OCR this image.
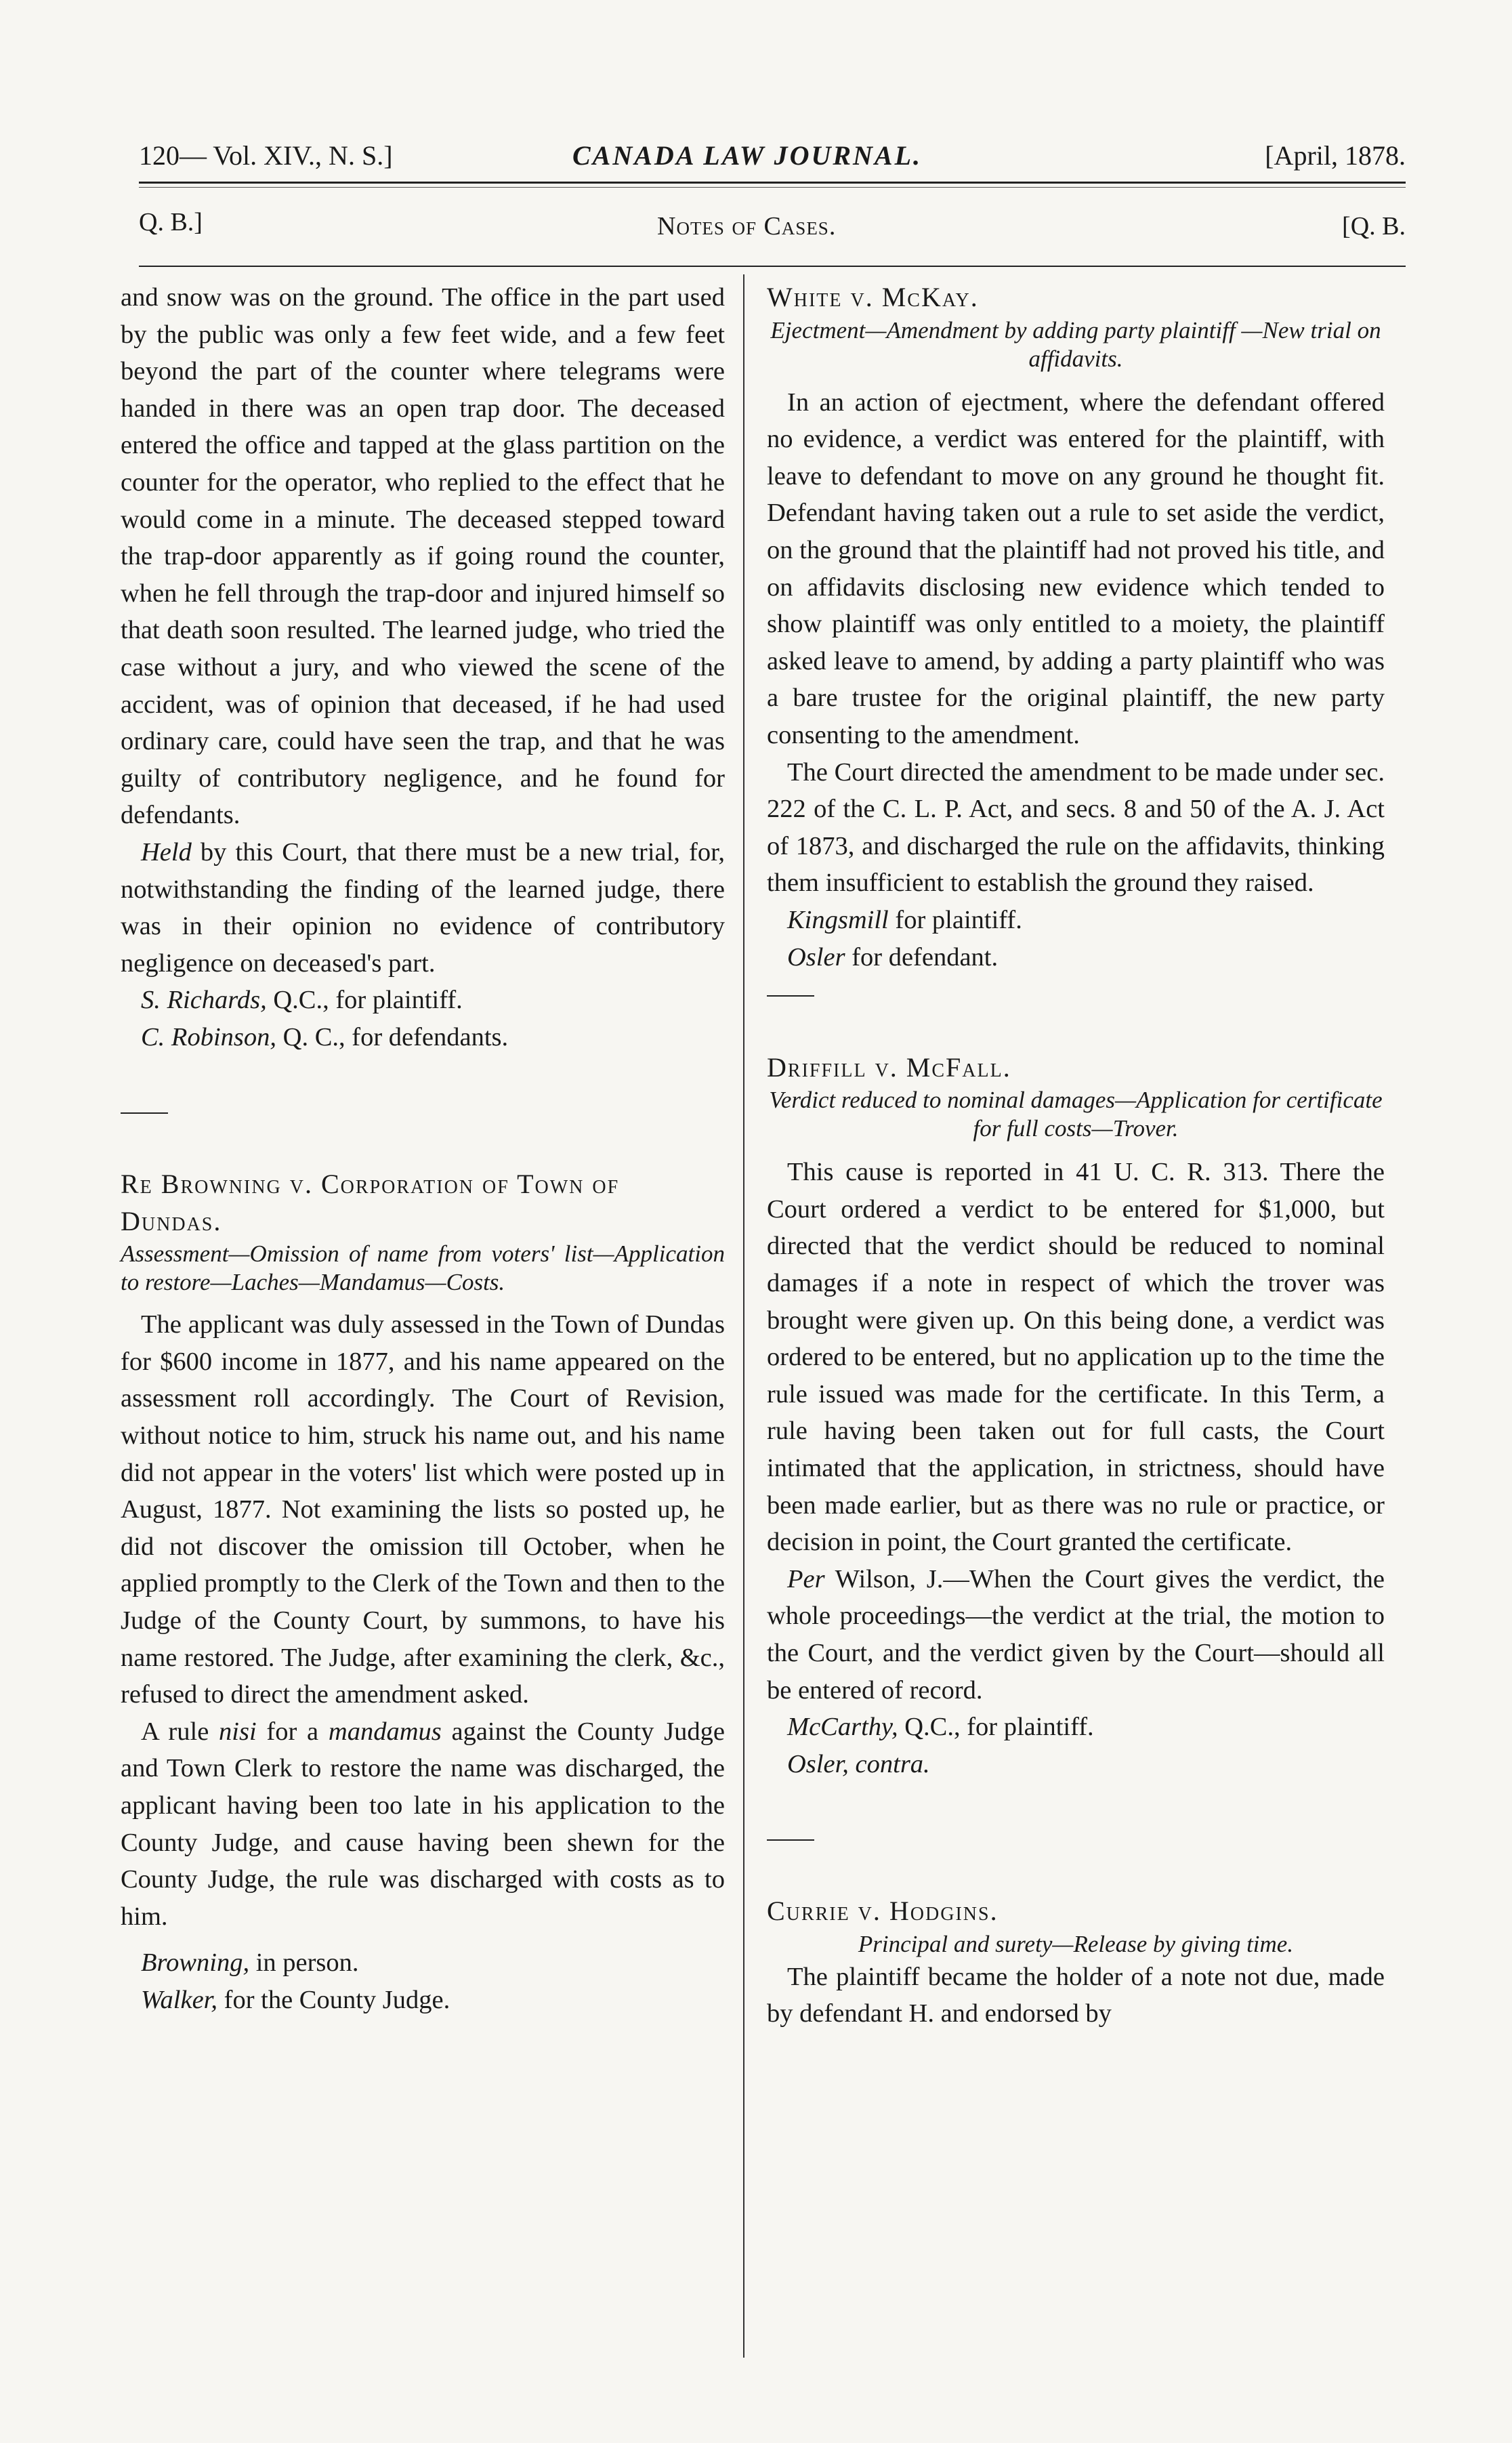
120— Vol. XIV., N. S.]	CANADA LAW JOURNAL.	[April, 1878.
Q. B.]	Notes of Cases.	[Q. B.

and snow was on the ground. The office in the part used by the public was only a few feet wide, and a few feet beyond the part of the counter where telegrams were handed in there was an open trap door. The deceased entered the office and tapped at the glass partition on the counter for the operator, who replied to the effect that he would come in a minute. The deceased stepped toward the trap-door apparently as if going round the counter, when he fell through the trap-door and injured himself so that death soon resulted. The learned judge, who tried the case without a jury, and who viewed the scene of the accident, was of opinion that deceased, if he had used ordinary care, could have seen the trap, and that he was guilty of contributory negligence, and he found for defendants.

Held by this Court, that there must be a new trial, for, notwithstanding the finding of the learned judge, there was in their opinion no evidence of contributory negligence on deceased's part.

S. Richards, Q.C., for plaintiff.

C. Robinson, Q. C., for defendants.

Re Browning v. Corporation of Town of

Dundas.

Assessment—Omission of name from voters' list—Application to restore—Laches—Mandamus—Costs.

The applicant was duly assessed in the Town of Dundas for $600 income in 1877, and his name appeared on the assessment roll accordingly. The Court of Revision, without notice to him, struck his name out, and his name did not appear in the voters' list which were posted up in August, 1877. Not examining the lists so posted up, he did not discover the omission till October, when he applied promptly to the Clerk of the Town and then to the Judge of the County Court, by summons, to have his name restored. The Judge, after examining the clerk, &c., refused to direct the amendment asked.

A rule nisi for a mandamus against the County Judge and Town Clerk to restore the name was discharged, the applicant having been too late in his application to the County Judge, and cause having been shewn for the County Judge, the rule was discharged with costs as to him.

Browning, in person.

Walker, for the County Judge.

White v. McKay.

Ejectment—Amendment by adding party plaintiff —New trial on affidavits.

In an action of ejectment, where the defendant offered no evidence, a verdict was entered for the plaintiff, with leave to defendant to move on any ground he thought fit. Defendant having taken out a rule to set aside the verdict, on the ground that the plaintiff had not proved his title, and on affidavits disclosing new evidence which tended to show plaintiff was only entitled to a moiety, the plaintiff asked leave to amend, by adding a party plaintiff who was a bare trustee for the original plaintiff, the new party consenting to the amendment.

The Court directed the amendment to be made under sec. 222 of the C. L. P. Act, and secs. 8 and 50 of the A. J. Act of 1873, and discharged the rule on the affidavits, thinking them insufficient to establish the ground they raised.

Kingsmill for plaintiff.

Osler for defendant.

Driffill v. McFall.

Verdict reduced to nominal damages—Application for certificate for full costs—Trover.

This cause is reported in 41 U. C. R. 313. There the Court ordered a verdict to be entered for $1,000, but directed that the verdict should be reduced to nominal damages if a note in respect of which the trover was brought were given up. On this being done, a verdict was ordered to be entered, but no application up to the time the rule issued was made for the certificate. In this Term, a rule having been taken out for full casts, the Court intimated that the application, in strictness, should have been made earlier, but as there was no rule or practice, or decision in point, the Court granted the certificate.

Per Wilson, J.—When the Court gives the verdict, the whole proceedings—the verdict at the trial, the motion to the Court, and the verdict given by the Court—should all be entered of record.

McCarthy, Q.C., for plaintiff.

Osler, contra.

Currie v. Hodgins.

Principal and surety—Release by giving time.

The plaintiff became the holder of a note not due, made by defendant H. and endorsed by
